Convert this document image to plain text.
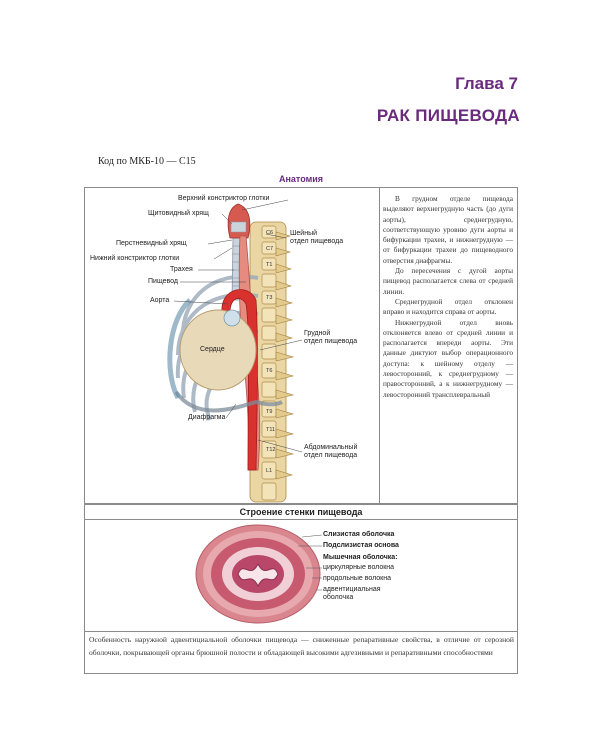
Глава 7
РАК ПИЩЕВОДА
Код по МКБ-10 — C15
Анатомия
C6
C7
T1
T3
T6
T9
T11
T12
L1
Верхний констриктор глотки
Щитовидный хрящ
Перстневидный хрящ
Нижний констриктор глотки
Трахея
Пищевод
Аорта
Сердце
Диафрагма
Шейный
отдел пищевода
Грудной
отдел пищевода
Абдоминальный
отдел пищевода

В грудном отделе пищевода выделяют верхнегрудную часть (до дуги аорты), среднегрудную, соответствующую уровню дуги аорты и бифуркации трахеи, и нижнегрудную — от бифуркации трахеи до пищеводного отверстия диафрагмы.

До пересечения с дугой аорты пищевод располагается слева от средней линии.

Среднегрудной отдел отклонен вправо и находится справа от аорты.

Нижнегрудной отдел вновь отклоняется влево от средней линии и располагается впереди аорты. Эти данные диктуют выбор операционного доступа: к шейному отделу — левосторонний, к среднегрудному — правосторонний, а к нижнегрудному — левосторонний трансплевральный

Строение стенки пищевода
Слизистая оболочка
Подслизистая основа
Мышечная оболочка:
циркулярные волокна
продольные волокна
адвентициальная
оболочка
Особенность наружной адвентициальной оболочки пищевода — сниженные репаративные свойства, в отличие от серозной оболочки, покрывающей органы брюшной полости и обладающей высокими адгезивными и репаративными способностями
